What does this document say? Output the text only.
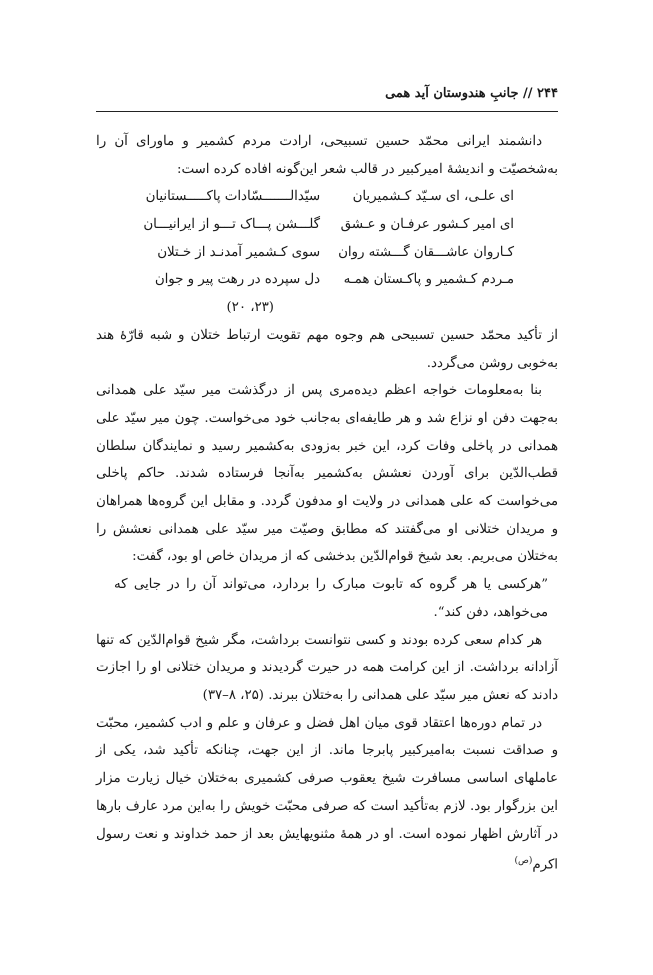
۲۴۴ // جانبِ هندوستان آید همی

دانشمند ایرانی محمّد حسین تسبیحی، ارادت مردم کشمیر و ماورای آن را به‌شخصیّت و اندیشهٔ امیرکبیر در قالب شعر این‌گونه افاده کرده است:

ای علـی، ای سـیّد کـشمیریان
سیّدالـــــــسّادات پاکـــــستانیان
ای امیر کـشور عرفـان و عـشق
گلـــشن پـــاک تـــو از ایرانیـــان
کـاروان عاشـــقان گـــشته روان
سوی کـشمیر آمدنـد از خـتلان
مـردم کـشمیر و پاکـستان همـه
دل سپرده در رهت پیر و جوان
(۲۳، ۲۰)

از تأکید محمّد حسین تسبیحی هم وجوه مهم تقویت ارتباط ختلان و شبه قارّهٔ هند به‌خوبی روشن می‌گردد.

بنا به‌معلومات خواجه اعظم دیده‌مری پس از درگذشت میر سیّد علی همدانی به‌جهت دفن او نزاع شد و هر طایفه‌ای به‌جانب خود می‌خواست. چون میر سیّد علی همدانی در پاخلی وفات کرد، این خبر به‌زودی به‌کشمیر رسید و نمایندگان سلطان قطب‌الدّین برای آوردن نعشش به‌کشمیر به‌آنجا فرستاده شدند. حاکم پاخلی می‌خواست که علی همدانی در ولایت او مدفون گردد. و مقابل این گروه‌ها همراهان و مریدان ختلانی او می‌گفتند که مطابق وصیّت میر سیّد علی همدانی نعشش را به‌ختلان می‌بریم. بعد شیخ قوام‌الدّین بدخشی که از مریدان خاص او بود، گفت:

”هرکسی یا هر گروه که تابوت مبارک را بردارد، می‌تواند آن را در جایی که می‌خواهد، دفن کند“.

هر کدام سعی کرده بودند و کسی نتوانست برداشت، مگر شیخ قوام‌الدّین که تنها آزادانه برداشت. از این کرامت همه در حیرت گردیدند و مریدان ختلانی او را اجازت دادند که نعش میر سیّد علی همدانی را به‌ختلان ببرند. (۲۵، ۸–۳۷)

در تمام دوره‌ها اعتقاد قوی میان اهل فضل و عرفان و علم و ادب کشمیر، محبّت و صداقت نسبت به‌امیرکبیر پابرجا ماند. از این جهت، چنانکه تأکید شد، یکی از عاملهای اساسی مسافرت شیخ یعقوب صرفی کشمیری به‌ختلان خیال زیارت مزار این بزرگوار بود. لازم به‌تأکید است که صرفی محبّت خویش را به‌این مرد عارف بارها در آثارش اظهار نموده است. او در همهٔ مثنویهایش بعد از حمد خداوند و نعت رسول اکرم$^{(ص)}$
